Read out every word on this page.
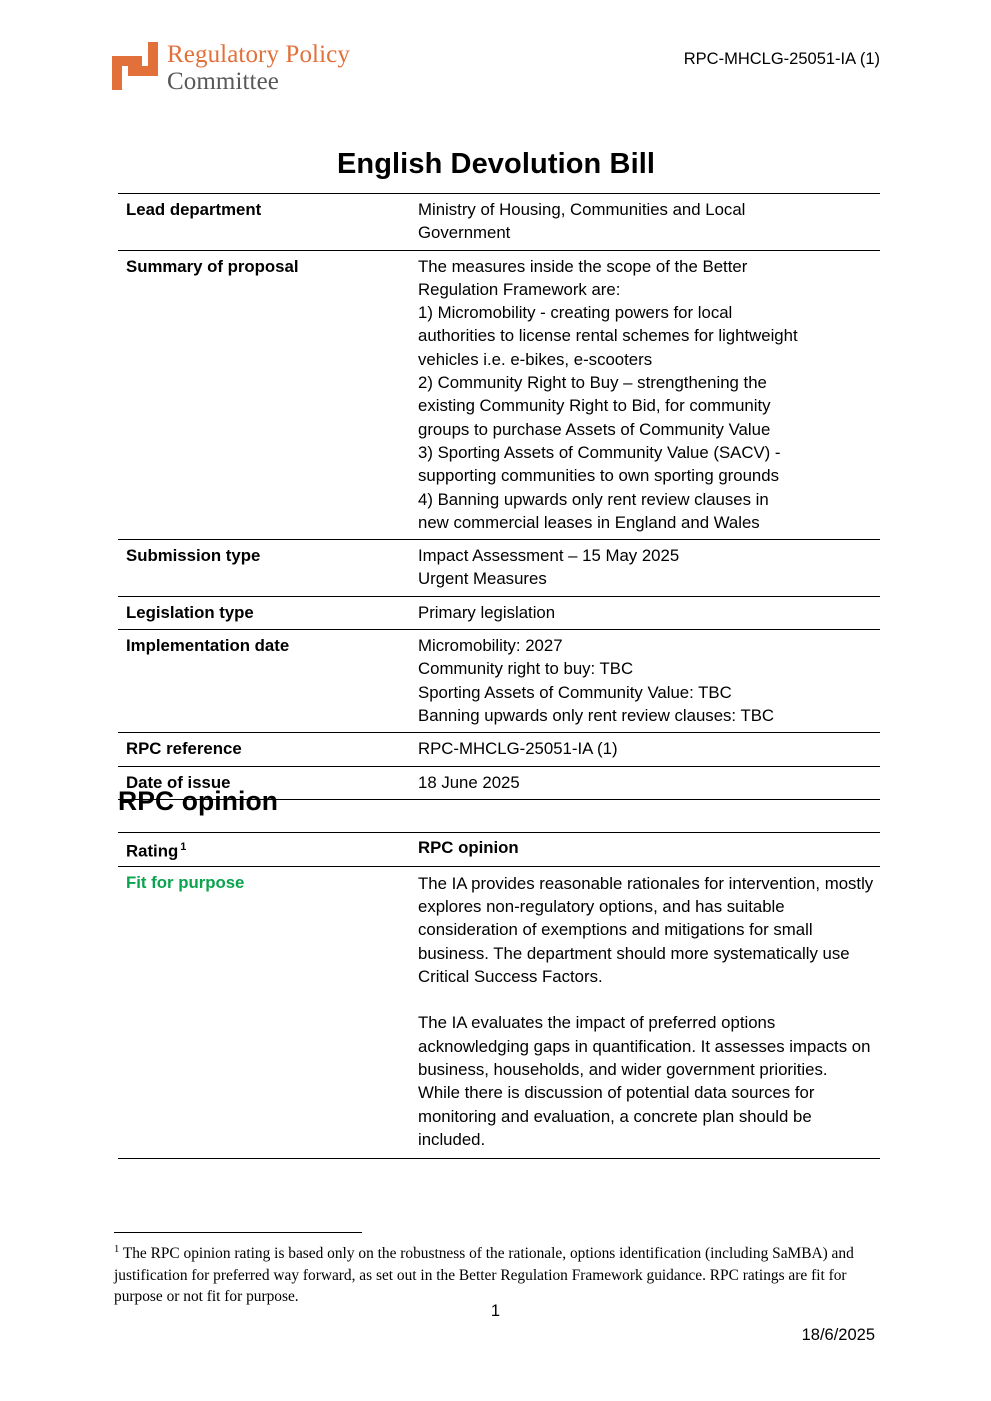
Regulatory Policy
Committee
RPC-MHCLG-25051-IA (1)
English Devolution Bill
Lead department	Ministry of Housing, Communities and Local
Government

Summary of proposal	The measures inside the scope of the Better
Regulation Framework are:
1) Micromobility - creating powers for local
authorities to license rental schemes for lightweight
vehicles i.e. e-bikes, e-scooters
2) Community Right to Buy – strengthening the
existing Community Right to Bid, for community
groups to purchase Assets of Community Value
3) Sporting Assets of Community Value (SACV) -
supporting communities to own sporting grounds
4) Banning upwards only rent review clauses in
new commercial leases in England and Wales

Submission type	Impact Assessment – 15 May 2025
Urgent Measures

Legislation type	Primary legislation

Implementation date	Micromobility: 2027
Community right to buy: TBC
Sporting Assets of Community Value: TBC
Banning upwards only rent review clauses: TBC

RPC reference	RPC-MHCLG-25051-IA (1)

Date of issue	18 June 2025
RPC opinion
Rating $^1$	RPC opinion
Fit for purpose	The IA provides reasonable rationales for intervention, mostly explores non-regulatory options, and has suitable consideration of exemptions and mitigations for small business. The department should more systematically use Critical Success Factors.

The IA evaluates the impact of preferred options acknowledging gaps in quantification. It assesses impacts on business, households, and wider government priorities. While there is discussion of potential data sources for monitoring and evaluation, a concrete plan should be included.

$^1$ The RPC opinion rating is based only on the robustness of the rationale, options identification (including SaMBA) and justification for preferred way forward, as set out in the Better Regulation Framework guidance. RPC ratings are fit for purpose or not fit for purpose.
1
18/6/2025
